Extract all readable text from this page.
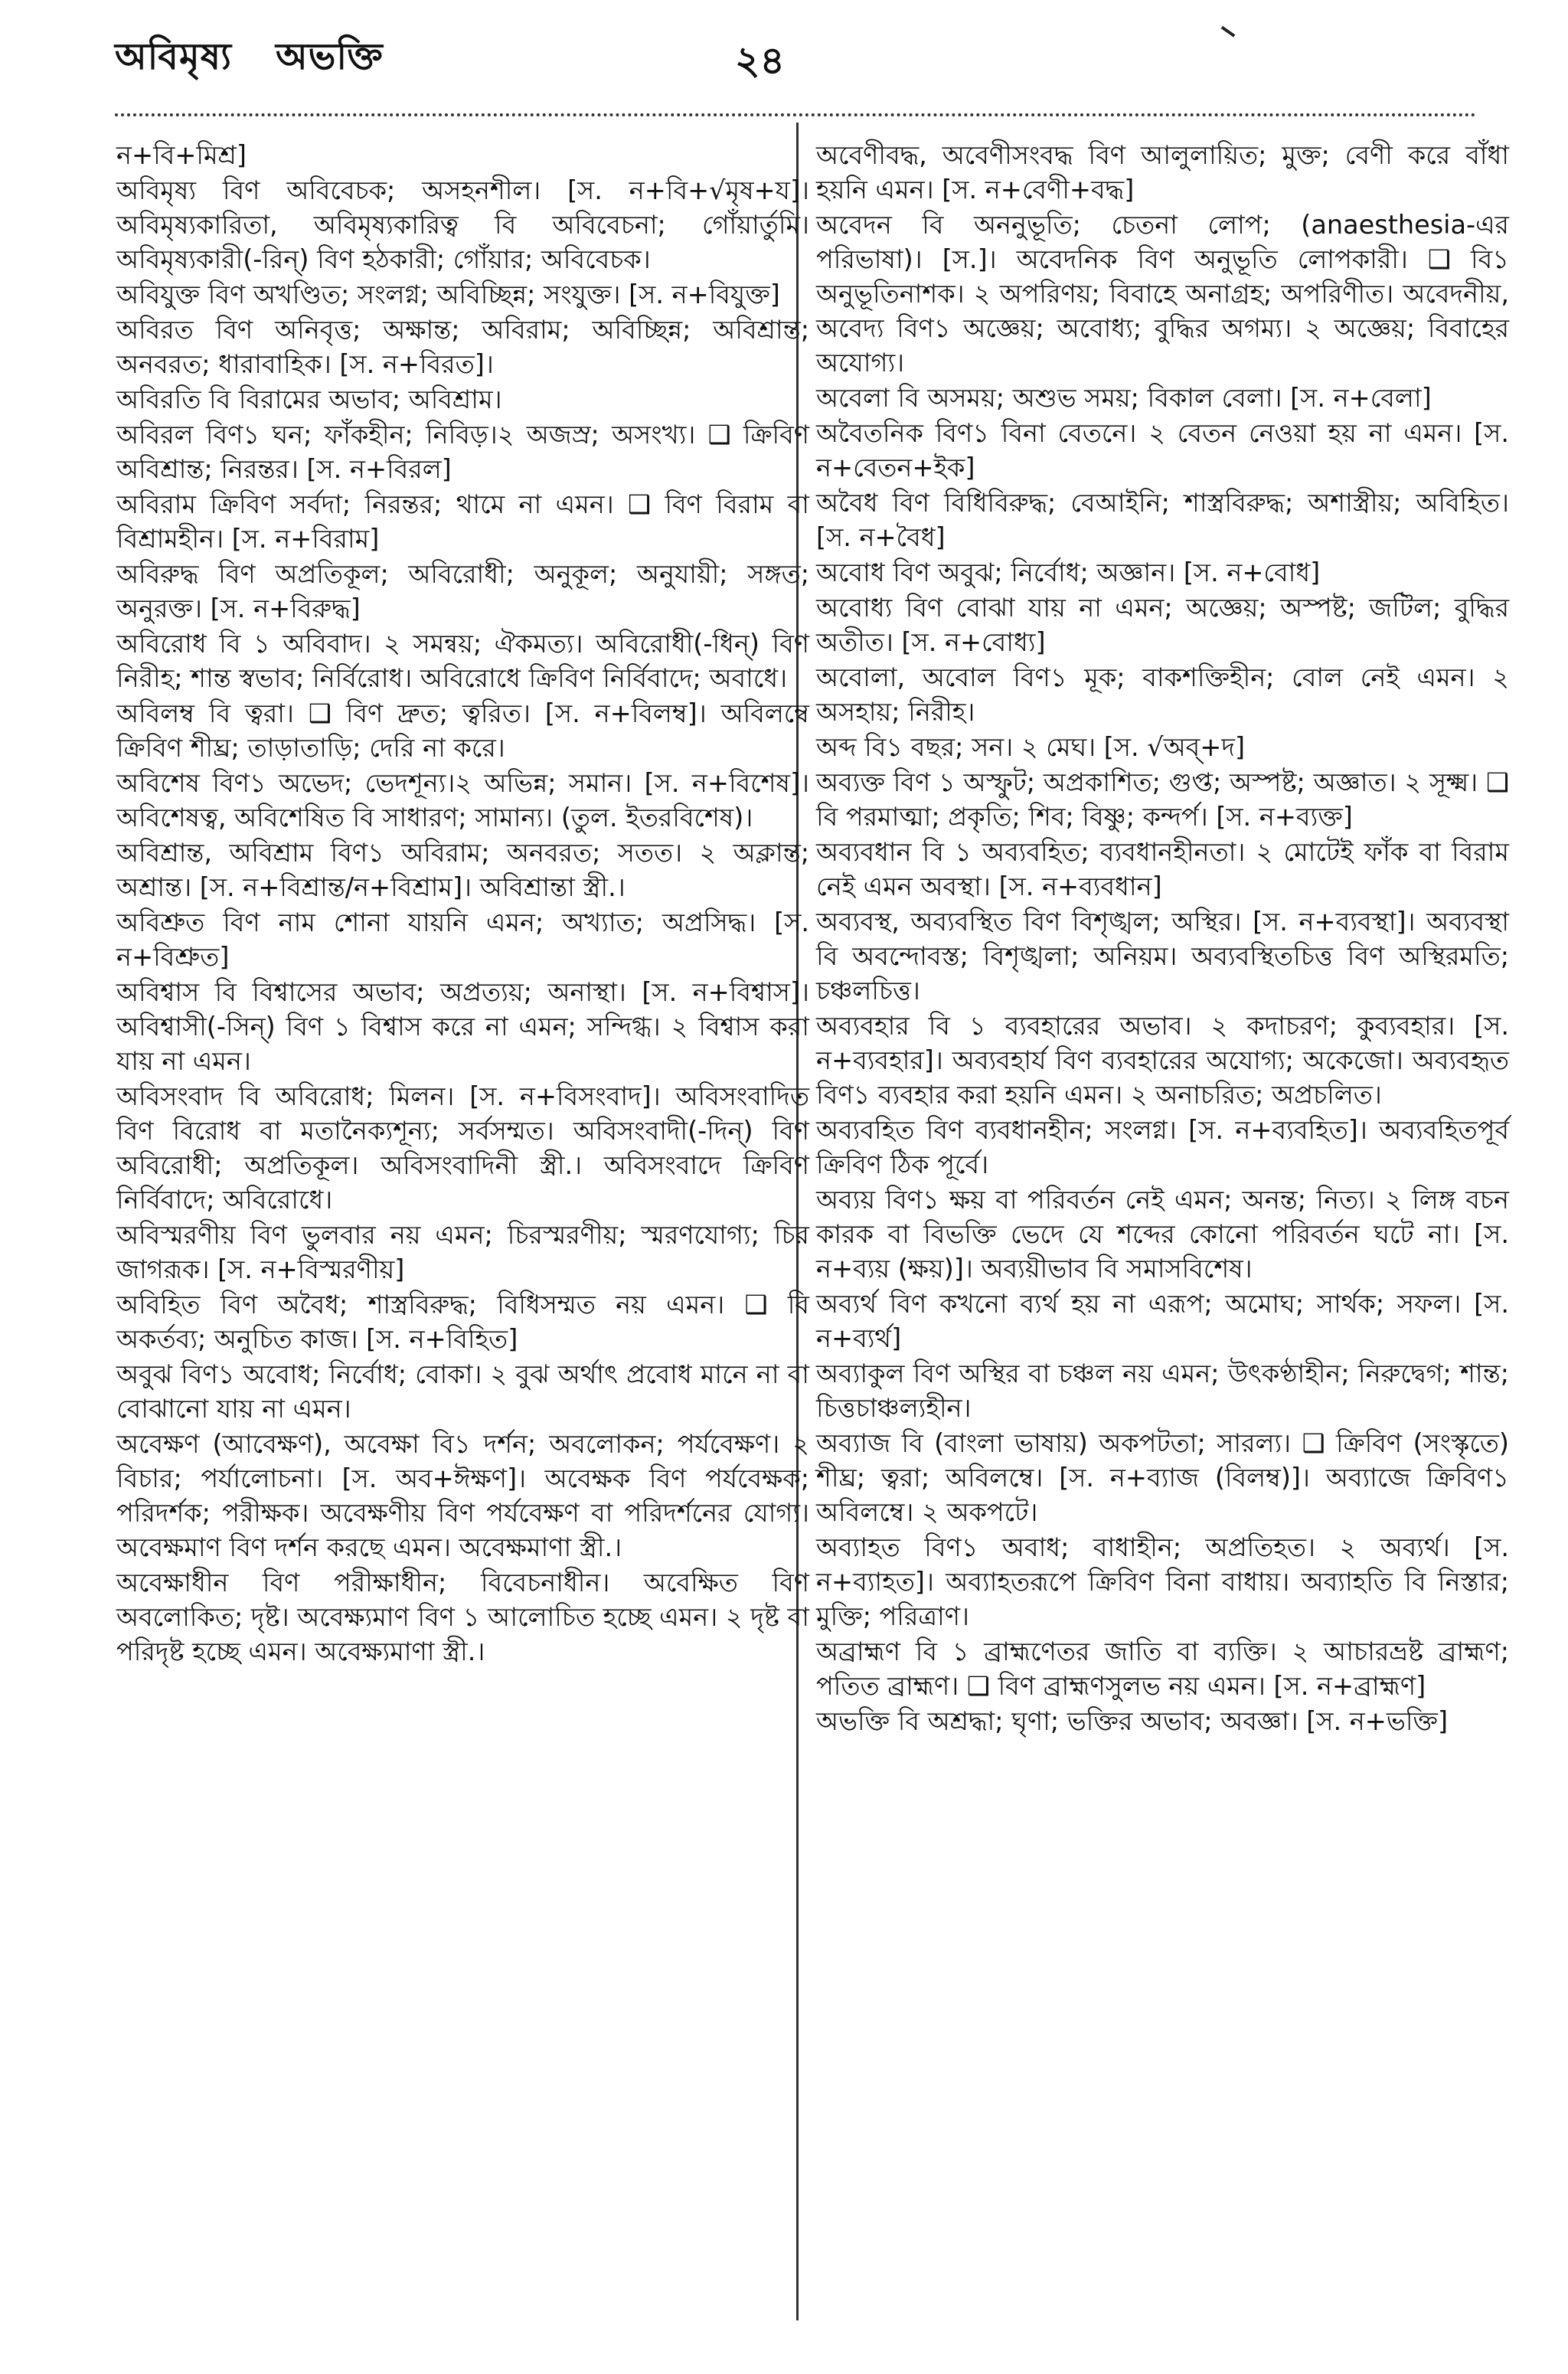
অবিমৃষ্য অভক্তি	২৪

ন+বি+মিশ্র]

অবিমৃষ্য বিণ অবিবেচক; অসহনশীল। [স. ন+বি+√মৃষ+য]। অবিমৃষ্যকারিতা, অবিমৃষ্যকারিত্ব বি অবিবেচনা; গোঁয়ার্তুমি। অবিমৃষ্যকারী(-রিন্) বিণ হঠকারী; গোঁয়ার; অবিবেচক।

অবিযুক্ত বিণ অখণ্ডিত; সংলগ্ন; অবিচ্ছিন্ন; সংযুক্ত। [স. ন+বিযুক্ত]

অবিরত বিণ অনিবৃত্ত; অক্ষান্ত; অবিরাম; অবিচ্ছিন্ন; অবিশ্রান্ত; অনবরত; ধারাবাহিক। [স. ন+বিরত]।

অবিরতি বি বিরামের অভাব; অবিশ্রাম।

অবিরল বিণ১ ঘন; ফাঁকহীন; নিবিড়।২ অজস্র; অসংখ্য। ❑ ক্রিবিণ অবিশ্রান্ত; নিরন্তর। [স. ন+বিরল]

অবিরাম ক্রিবিণ সর্বদা; নিরন্তর; থামে না এমন। ❑ বিণ বিরাম বা বিশ্রামহীন। [স. ন+বিরাম]

অবিরুদ্ধ বিণ অপ্রতিকূল; অবিরোধী; অনুকূল; অনুযায়ী; সঙ্গত; অনুরক্ত। [স. ন+বিরুদ্ধ]

অবিরোধ বি ১ অবিবাদ। ২ সমন্বয়; ঐকমত্য। অবিরোধী(-ধিন্) বিণ নিরীহ; শান্ত স্বভাব; নির্বিরোধ। অবিরোধে ক্রিবিণ নির্বিবাদে; অবাধে।

অবিলম্ব বি ত্বরা। ❑ বিণ দ্রুত; ত্বরিত। [স. ন+বিলম্ব]। অবিলম্বে ক্রিবিণ শীঘ্র; তাড়াতাড়ি; দেরি না করে।

অবিশেষ বিণ১ অভেদ; ভেদশূন্য।২ অভিন্ন; সমান। [স. ন+বিশেষ]। অবিশেষত্ব, অবিশেষিত বি সাধারণ; সামান্য। (তুল. ইতরবিশেষ)।

অবিশ্রান্ত, অবিশ্রাম বিণ১ অবিরাম; অনবরত; সতত। ২ অক্লান্ত; অশ্রান্ত। [স. ন+বিশ্রান্ত/ন+বিশ্রাম]। অবিশ্রান্তা স্ত্রী.।

অবিশ্রুত বিণ নাম শোনা যায়নি এমন; অখ্যাত; অপ্রসিদ্ধ। [স. ন+বিশ্রুত]

অবিশ্বাস বি বিশ্বাসের অভাব; অপ্রত্যয়; অনাস্থা। [স. ন+বিশ্বাস]। অবিশ্বাসী(-সিন্) বিণ ১ বিশ্বাস করে না এমন; সন্দিগ্ধ। ২ বিশ্বাস করা যায় না এমন।

অবিসংবাদ বি অবিরোধ; মিলন। [স. ন+বিসংবাদ]। অবিসংবাদিত বিণ বিরোধ বা মতানৈক্যশূন্য; সর্বসম্মত। অবিসংবাদী(-দিন্) বিণ অবিরোধী; অপ্রতিকূল। অবিসংবাদিনী স্ত্রী.। অবিসংবাদে ক্রিবিণ নির্বিবাদে; অবিরোধে।

অবিস্মরণীয় বিণ ভুলবার নয় এমন; চিরস্মরণীয়; স্মরণযোগ্য; চির জাগরূক। [স. ন+বিস্মরণীয়]

অবিহিত বিণ অবৈধ; শাস্ত্রবিরুদ্ধ; বিধিসম্মত নয় এমন। ❑ বি অকর্তব্য; অনুচিত কাজ। [স. ন+বিহিত]

অবুঝ বিণ১ অবোধ; নির্বোধ; বোকা। ২ বুঝ অর্থাৎ প্রবোধ মানে না বা বোঝানো যায় না এমন।

অবেক্ষণ (আবেক্ষণ), অবেক্ষা বি১ দর্শন; অবলোকন; পর্যবেক্ষণ। ২ বিচার; পর্যালোচনা। [স. অব+ঈক্ষণ]। অবেক্ষক বিণ পর্যবেক্ষক; পরিদর্শক; পরীক্ষক। অবেক্ষণীয় বিণ পর্যবেক্ষণ বা পরিদর্শনের যোগ্য। অবেক্ষমাণ বিণ দর্শন করছে এমন। অবেক্ষমাণা স্ত্রী.।

অবেক্ষাধীন বিণ পরীক্ষাধীন; বিবেচনাধীন। অবেক্ষিত বিণ অবলোকিত; দৃষ্ট। অবেক্ষ্যমাণ বিণ ১ আলোচিত হচ্ছে এমন। ২ দৃষ্ট বা পরিদৃষ্ট হচ্ছে এমন। অবেক্ষ্যমাণা স্ত্রী.।

অবেণীবদ্ধ, অবেণীসংবদ্ধ বিণ আলুলায়িত; মুক্ত; বেণী করে বাঁধা হয়নি এমন। [স. ন+বেণী+বদ্ধ]

অবেদন বি অননুভূতি; চেতনা লোপ; (anaesthesia-এর পরিভাষা)। [স.]। অবেদনিক বিণ অনুভূতি লোপকারী। ❑ বি১ অনুভূতিনাশক। ২ অপরিণয়; বিবাহে অনাগ্রহ; অপরিণীত। অবেদনীয়, অবেদ্য বিণ১ অজ্ঞেয়; অবোধ্য; বুদ্ধির অগম্য। ২ অজ্ঞেয়; বিবাহের অযোগ্য।

অবেলা বি অসময়; অশুভ সময়; বিকাল বেলা। [স. ন+বেলা]

অবৈতনিক বিণ১ বিনা বেতনে। ২ বেতন নেওয়া হয় না এমন। [স. ন+বেতন+ইক]

অবৈধ বিণ বিধিবিরুদ্ধ; বেআইনি; শাস্ত্রবিরুদ্ধ; অশাস্ত্রীয়; অবিহিত। [স. ন+বৈধ]

অবোধ বিণ অবুঝ; নির্বোধ; অজ্ঞান। [স. ন+বোধ]

অবোধ্য বিণ বোঝা যায় না এমন; অজ্ঞেয়; অস্পষ্ট; জটিল; বুদ্ধির অতীত। [স. ন+বোধ্য]

অবোলা, অবোল বিণ১ মূক; বাকশক্তিহীন; বোল নেই এমন। ২ অসহায়; নিরীহ।

অব্দ বি১ বছর; সন। ২ মেঘ। [স. √অব্+দ]

অব্যক্ত বিণ ১ অস্ফুট; অপ্রকাশিত; গুপ্ত; অস্পষ্ট; অজ্ঞাত। ২ সূক্ষ্ম। ❑ বি পরমাত্মা; প্রকৃতি; শিব; বিষ্ণু; কন্দর্প। [স. ন+ব্যক্ত]

অব্যবধান বি ১ অব্যবহিত; ব্যবধানহীনতা। ২ মোটেই ফাঁক বা বিরাম নেই এমন অবস্থা। [স. ন+ব্যবধান]

অব্যবস্থ, অব্যবস্থিত বিণ বিশৃঙ্খল; অস্থির। [স. ন+ব্যবস্থা]। অব্যবস্থা বি অবন্দোবস্ত; বিশৃঙ্খলা; অনিয়ম। অব্যবস্থিতচিত্ত বিণ অস্থিরমতি; চঞ্চলচিত্ত।

অব্যবহার বি ১ ব্যবহারের অভাব। ২ কদাচরণ; কুব্যবহার। [স. ন+ব্যবহার]। অব্যবহার্য বিণ ব্যবহারের অযোগ্য; অকেজো। অব্যবহৃত বিণ১ ব্যবহার করা হয়নি এমন। ২ অনাচরিত; অপ্রচলিত।

অব্যবহিত বিণ ব্যবধানহীন; সংলগ্ন। [স. ন+ব্যবহিত]। অব্যবহিতপূর্ব ক্রিবিণ ঠিক পূর্বে।

অব্যয় বিণ১ ক্ষয় বা পরিবর্তন নেই এমন; অনন্ত; নিত্য। ২ লিঙ্গ বচন কারক বা বিভক্তি ভেদে যে শব্দের কোনো পরিবর্তন ঘটে না। [স. ন+ব্যয় (ক্ষয়)]। অব্যয়ীভাব বি সমাসবিশেষ।

অব্যর্থ বিণ কখনো ব্যর্থ হয় না এরূপ; অমোঘ; সার্থক; সফল। [স. ন+ব্যর্থ]

অব্যাকুল বিণ অস্থির বা চঞ্চল নয় এমন; উৎকণ্ঠাহীন; নিরুদ্বেগ; শান্ত; চিত্তচাঞ্চল্যহীন।

অব্যাজ বি (বাংলা ভাষায়) অকপটতা; সারল্য। ❑ ক্রিবিণ (সংস্কৃতে) শীঘ্র; ত্বরা; অবিলম্বে। [স. ন+ব্যাজ (বিলম্ব)]। অব্যাজে ক্রিবিণ১ অবিলম্বে। ২ অকপটে।

অব্যাহত বিণ১ অবাধ; বাধাহীন; অপ্রতিহত। ২ অব্যর্থ। [স. ন+ব্যাহত]। অব্যাহতরূপে ক্রিবিণ বিনা বাধায়। অব্যাহতি বি নিস্তার; মুক্তি; পরিত্রাণ।

অব্রাহ্মণ বি ১ ব্রাহ্মণেতর জাতি বা ব্যক্তি। ২ আচারভ্রষ্ট ব্রাহ্মণ; পতিত ব্রাহ্মণ। ❑ বিণ ব্রাহ্মণসুলভ নয় এমন। [স. ন+ব্রাহ্মণ]

অভক্তি বি অশ্রদ্ধা; ঘৃণা; ভক্তির অভাব; অবজ্ঞা। [স. ন+ভক্তি]
